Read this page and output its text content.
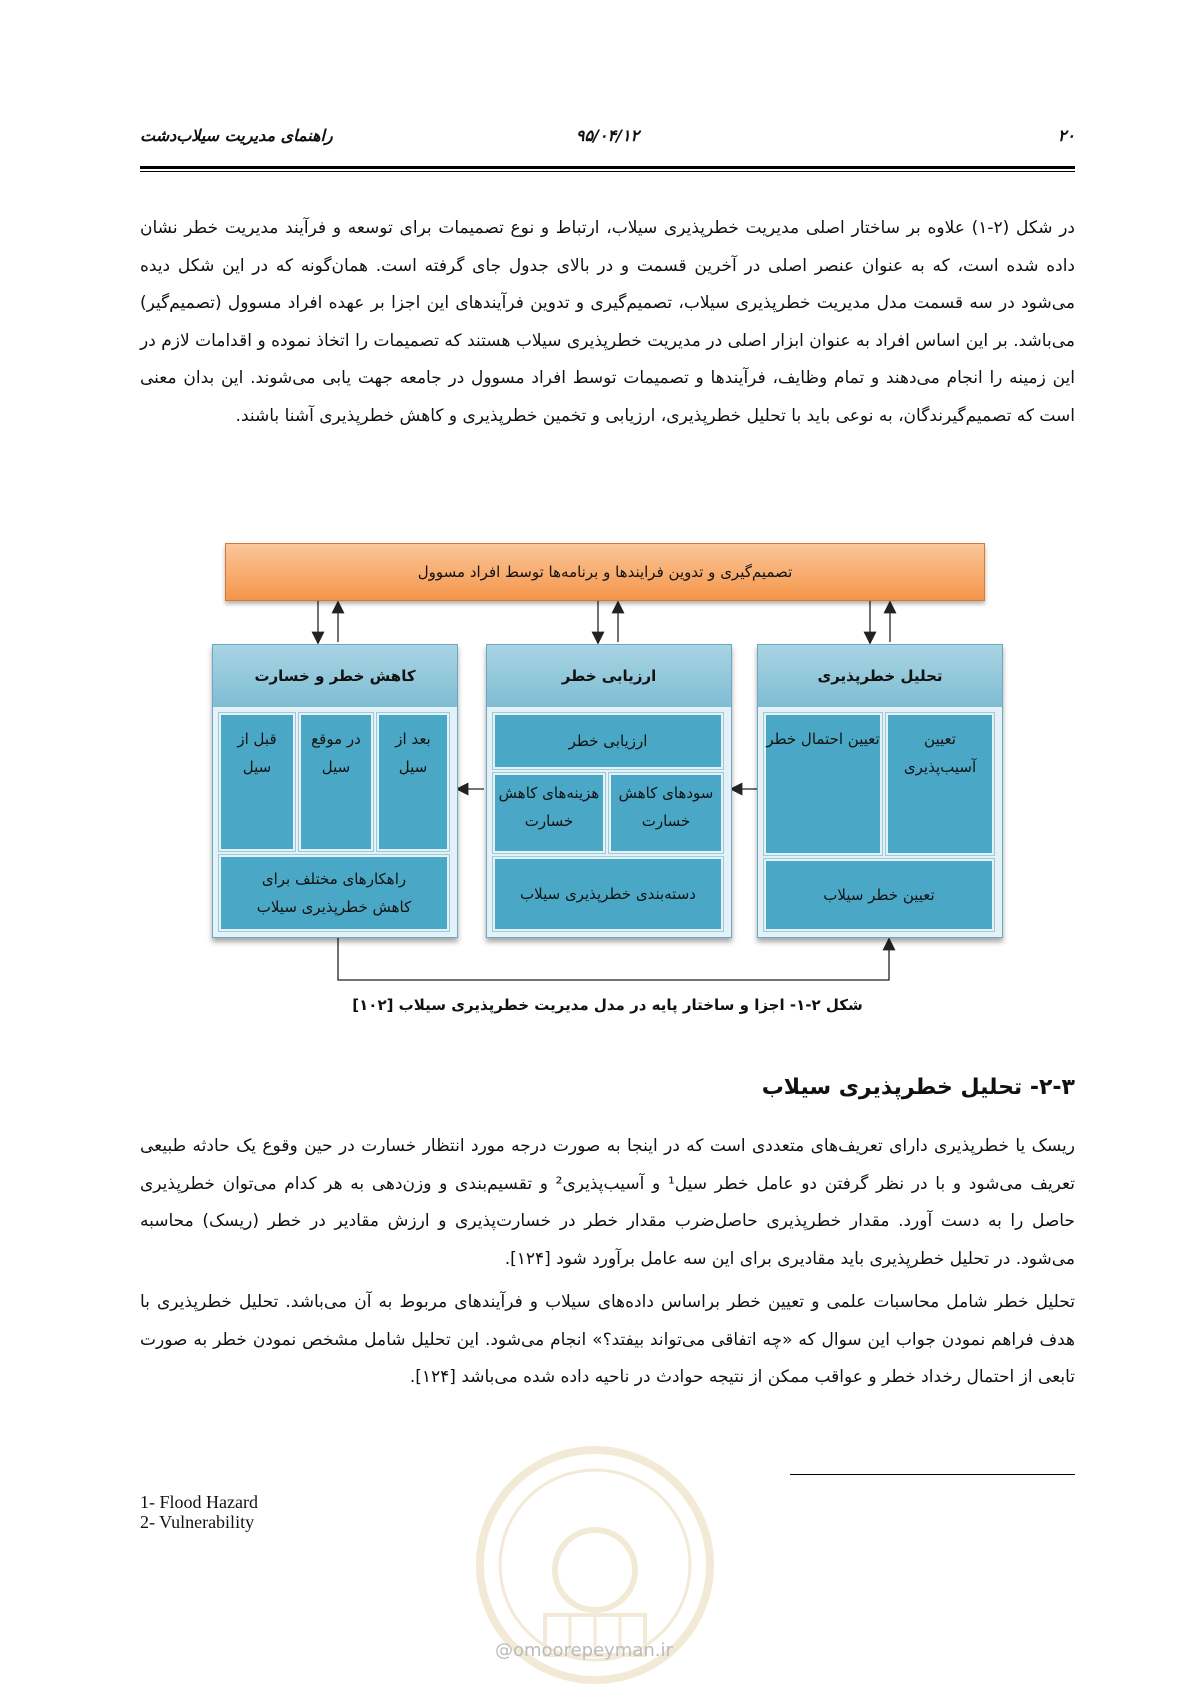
۲۰
۹۵/۰۴/۱۲
راهنمای مدیریت سیلاب‌دشت
در شکل (۲-۱) علاوه بر ساختار اصلی مدیریت خطرپذیری سیلاب، ارتباط و نوع تصمیمات برای توسعه و فرآیند مدیریت خطر نشان داده شده است، که به عنوان عنصر اصلی در آخرین قسمت و در بالای جدول جای گرفته است. همان‌گونه که در این شکل دیده می‌شود در سه قسمت مدل مدیریت خطرپذیری سیلاب، تصمیم‌گیری و تدوین فرآیندهای این اجزا بر عهده افراد مسوول (تصمیم‌گیر) می‌باشد. بر این اساس افراد به عنوان ابزار اصلی در مدیریت خطرپذیری سیلاب هستند که تصمیمات را اتخاذ نموده و اقدامات لازم در این زمینه را انجام می‌دهند و تمام وظایف، فرآیندها و تصمیمات توسط افراد مسوول در جامعه جهت یابی می‌شوند. این بدان معنی است که تصمیم‌گیرندگان، به نوعی باید با تحلیل خطرپذیری، ارزیابی و تخمین خطرپذیری و کاهش خطرپذیری آشنا باشند.
تصمیم‌گیری و تدوین فرایندها و برنامه‌ها توسط افراد مسوول
تحلیل خطرپذیری
تعیین آسیب‌پذیری
تعیین احتمال خطر
تعیین خطر سیلاب
ارزیابی خطر
ارزیابی خطر
سودهای کاهش خسارت
هزینه‌های کاهش خسارت
دسته‌بندی خطرپذیری سیلاب
کاهش خطر و خسارت
بعد از سیل
در موقع سیل
قبل از سیل
راهکارهای مختلف برای کاهش خطرپذیری سیلاب
شکل ۲-۱- اجزا و ساختار پایه در مدل مدیریت خطرپذیری سیلاب [۱۰۲]
۲-۳- تحلیل خطرپذیری سیلاب
ریسک یا خطرپذیری دارای تعریف‌های متعددی است که در اینجا به صورت درجه مورد انتظار خسارت در حین وقوع یک حادثه طبیعی تعریف می‌شود و با در نظر گرفتن دو عامل خطر سیل¹ و آسیب‌پذیری² و تقسیم‌بندی و وزن‌دهی به هر کدام می‌توان خطرپذیری حاصل را به دست آورد. مقدار خطرپذیری حاصل‌ضرب مقدار خطر در خسارت‌پذیری و ارزش مقادیر در خطر (ریسک) محاسبه می‌شود. در تحلیل خطرپذیری باید مقادیری برای این سه عامل برآورد شود [۱۲۴].
تحلیل خطر شامل محاسبات علمی و تعیین خطر براساس داده‌های سیلاب و فرآیندهای مربوط به آن می‌باشد. تحلیل خطرپذیری با هدف فراهم نمودن جواب این سوال که «چه اتفاقی می‌تواند بیفتد؟» انجام می‌شود. این تحلیل شامل مشخص نمودن خطر به صورت تابعی از احتمال رخداد خطر و عواقب ممکن از نتیجه حوادث در ناحیه داده شده می‌باشد [۱۲۴].
1- Flood Hazard
2- Vulnerability
@omoorepeyman.ir
